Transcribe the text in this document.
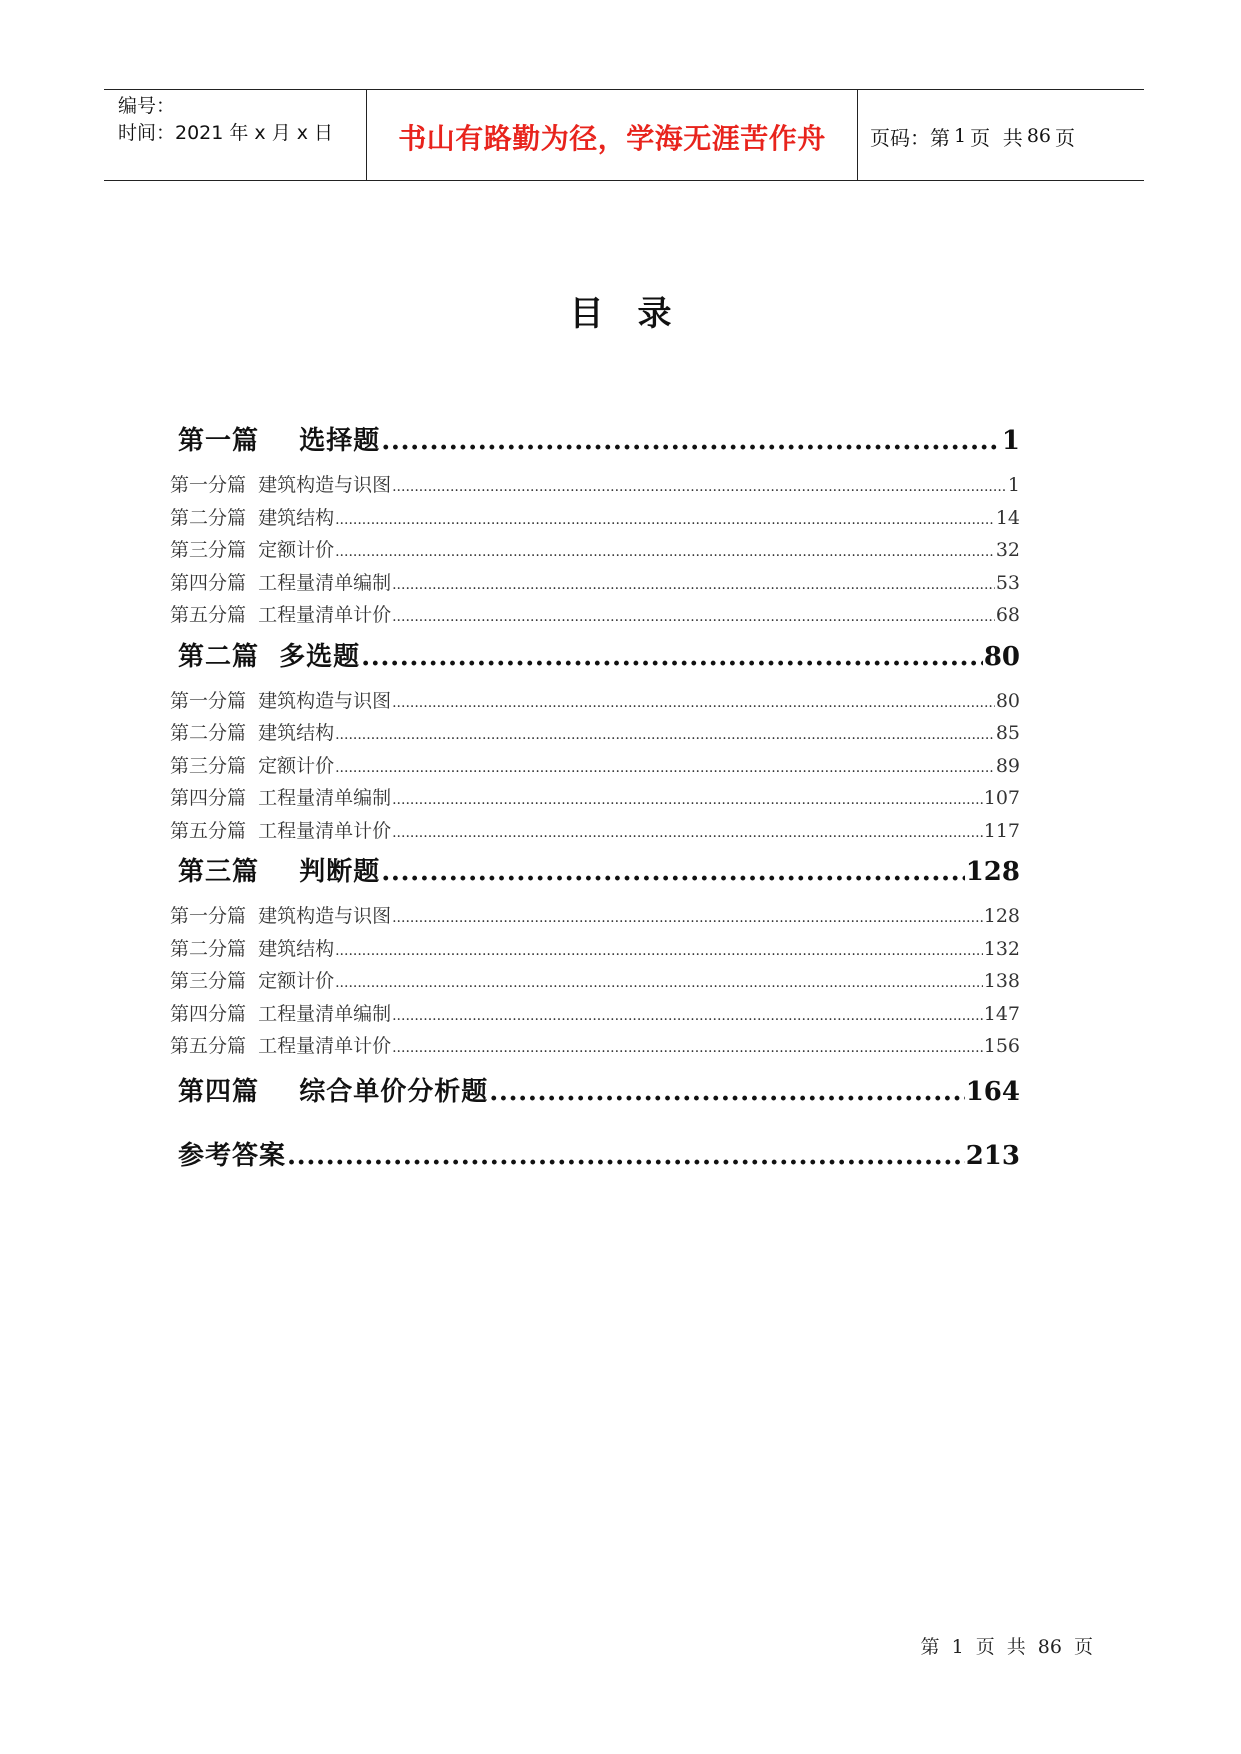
编号：
时间：2021 年 x 月 x 日	书山有路勤为径，学海无涯苦作舟 页码：第 1 页  共 86 页
目录
第一篇    选择题 .....	1
第一分篇  建筑构造与识图 .....	1
第二分篇  建筑结构 .....	14
第三分篇  定额计价 .....	32
第四分篇  工程量清单编制 .....	53
第五分篇  工程量清单计价 .....	68
第二篇  多选题 .....	80
第一分篇  建筑构造与识图 .....	80
第二分篇  建筑结构 .....	85
第三分篇  定额计价 .....	89
第四分篇  工程量清单编制 .....	107
第五分篇  工程量清单计价 .....	117
第三篇    判断题 .....	128
第一分篇  建筑构造与识图 .....	128
第二分篇  建筑结构 .....	132
第三分篇  定额计价 .....	138
第四分篇  工程量清单编制 .....	147
第五分篇  工程量清单计价 .....	156
第四篇    综合单价分析题 .....	164
参考答案 .....	213
第 1 页 共 86 页
